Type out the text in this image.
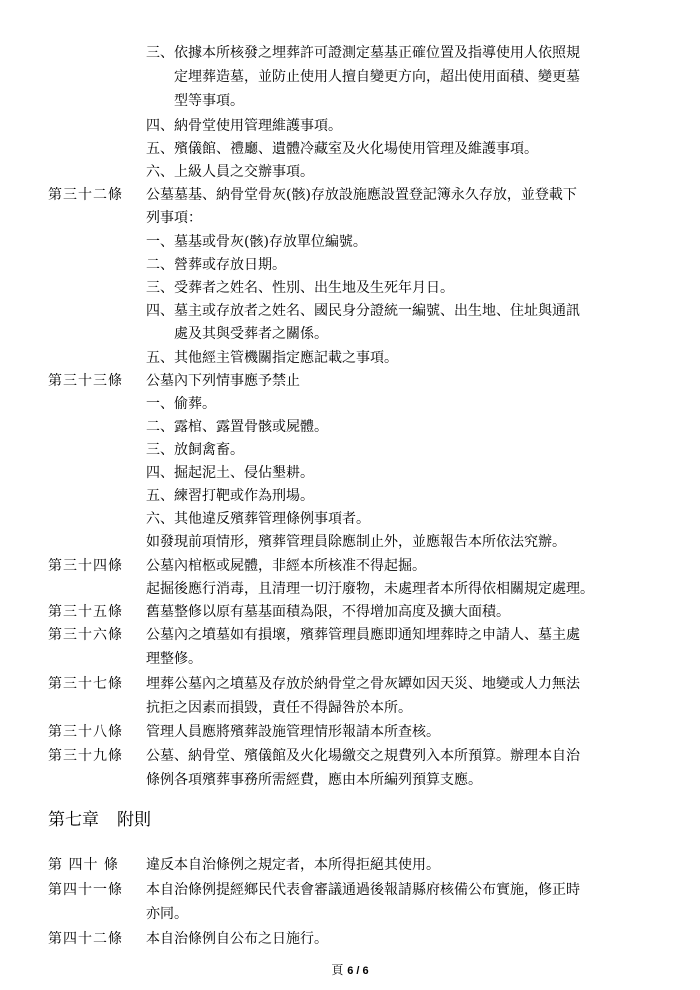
三、依據本所核發之埋葬許可證測定墓基正確位置及指導使用人依照規
定埋葬造墓，並防止使用人擅自變更方向，超出使用面積、變更墓
型等事項。
四、納骨堂使用管理維護事項。
五、殯儀館、禮廳、遺體冷藏室及火化場使用管理及維護事項。
六、上級人員之交辦事項。
第三十二條 公墓墓基、納骨堂骨灰(骸)存放設施應設置登記簿永久存放，並登載下
列事項：
一、墓基或骨灰(骸)存放單位編號。
二、營葬或存放日期。
三、受葬者之姓名、性別、出生地及生死年月日。
四、墓主或存放者之姓名、國民身分證統一編號、出生地、住址與通訊
處及其與受葬者之關係。
五、其他經主管機關指定應記載之事項。
第三十三條 公墓內下列情事應予禁止
一、偷葬。
二、露棺、露置骨骸或屍體。
三、放飼禽畜。
四、掘起泥土、侵佔墾耕。
五、練習打靶或作為刑場。
六、其他違反殯葬管理條例事項者。
如發現前項情形，殯葬管理員除應制止外，並應報告本所依法究辦。
第三十四條 公墓內棺柩或屍體，非經本所核准不得起掘。
起掘後應行消毒，且清理一切汙廢物，未處理者本所得依相關規定處理。
第三十五條 舊墓整修以原有墓基面積為限，不得增加高度及擴大面積。
第三十六條 公墓內之墳墓如有損壞，殯葬管理員應即通知埋葬時之申請人、墓主處
理整修。
第三十七條 埋葬公墓內之墳墓及存放於納骨堂之骨灰罈如因天災、地變或人力無法
抗拒之因素而損毀，責任不得歸咎於本所。
第三十八條 管理人員應將殯葬設施管理情形報請本所查核。
第三十九條 公墓、納骨堂、殯儀館及火化場繳交之規費列入本所預算。辦理本自治
條例各項殯葬事務所需經費，應由本所編列預算支應。
第七章 附則
第 四十 條 違反本自治條例之規定者，本所得拒絕其使用。
第四十一條 本自治條例提經鄉民代表會審議通過後報請縣府核備公布實施，修正時
亦同。
第四十二條 本自治條例自公布之日施行。
頁 6 / 6
